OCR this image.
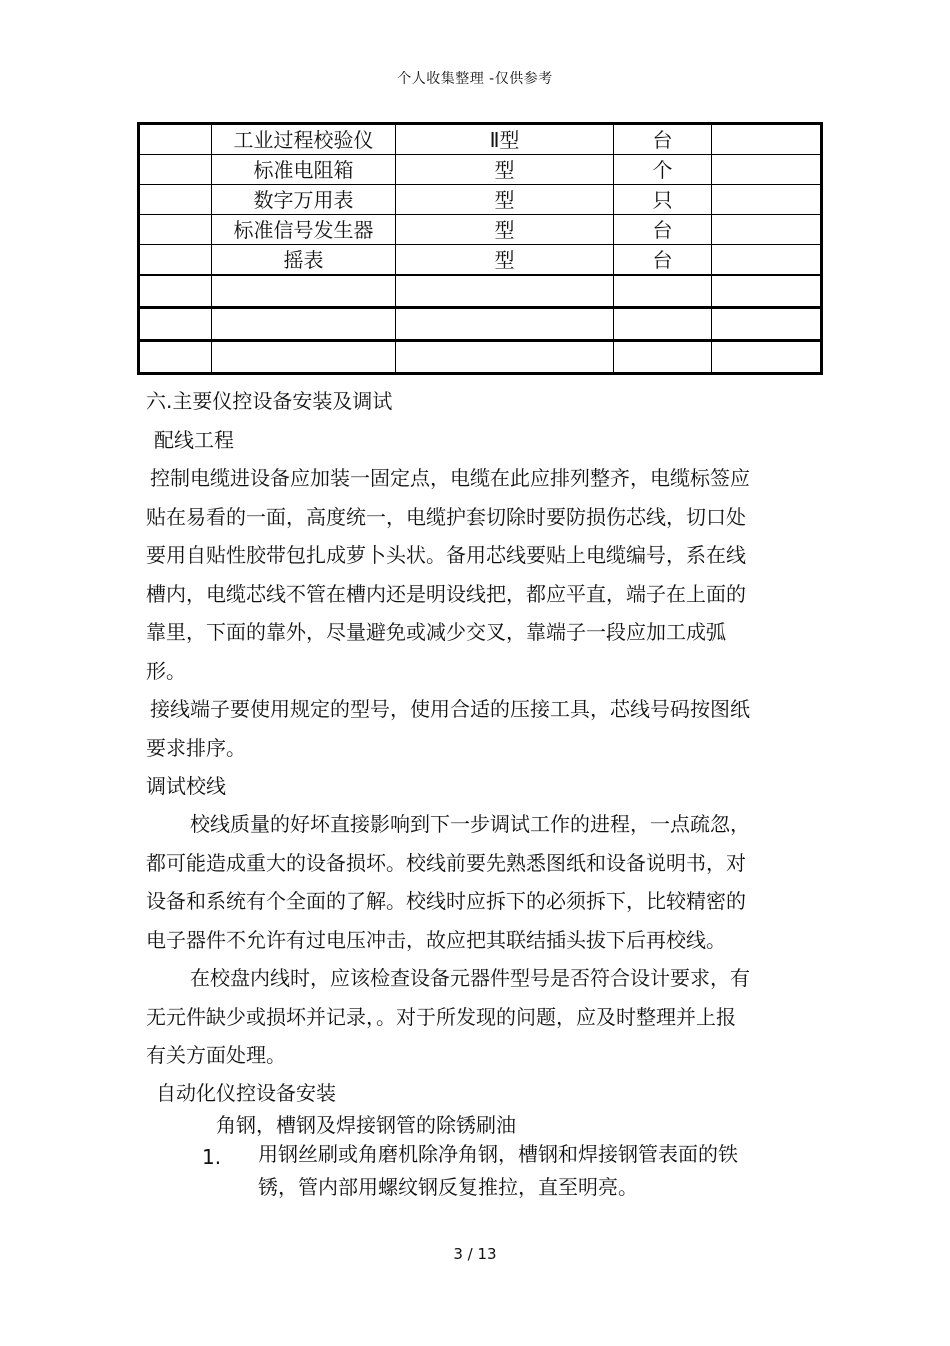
个人收集整理 -仅供参考
	工业过程校验仪	Ⅱ型	台	
	标准电阻箱	型	个	
	数字万用表	型	只	
	标准信号发生器	型	台	
	摇表	型	台	

六.主要仪控设备安装及调试
配线工程
控制电缆进设备应加装一固定点，电缆在此应排列整齐，电缆标签应
贴在易看的一面，高度统一，电缆护套切除时要防损伤芯线，切口处
要用自贴性胶带包扎成萝卜头状。备用芯线要贴上电缆编号，系在线
槽内，电缆芯线不管在槽内还是明设线把，都应平直，端子在上面的
靠里，下面的靠外，尽量避免或减少交叉，靠端子一段应加工成弧
形。
接线端子要使用规定的型号，使用合适的压接工具，芯线号码按图纸
要求排序。
调试校线
校线质量的好坏直接影响到下一步调试工作的进程，一点疏忽，
都可能造成重大的设备损坏。校线前要先熟悉图纸和设备说明书，对
设备和系统有个全面的了解。校线时应拆下的必须拆下，比较精密的
电子器件不允许有过电压冲击，故应把其联结插头拔下后再校线。
在校盘内线时，应该检查设备元器件型号是否符合设计要求，有
无元件缺少或损坏并记录，。对于所发现的问题，应及时整理并上报
有关方面处理。
自动化仪控设备安装
角钢，槽钢及焊接钢管的除锈刷油
1. 用钢丝刷或角磨机除净角钢，槽钢和焊接钢管表面的铁
锈，管内部用螺纹钢反复推拉，直至明亮。
3 / 13
